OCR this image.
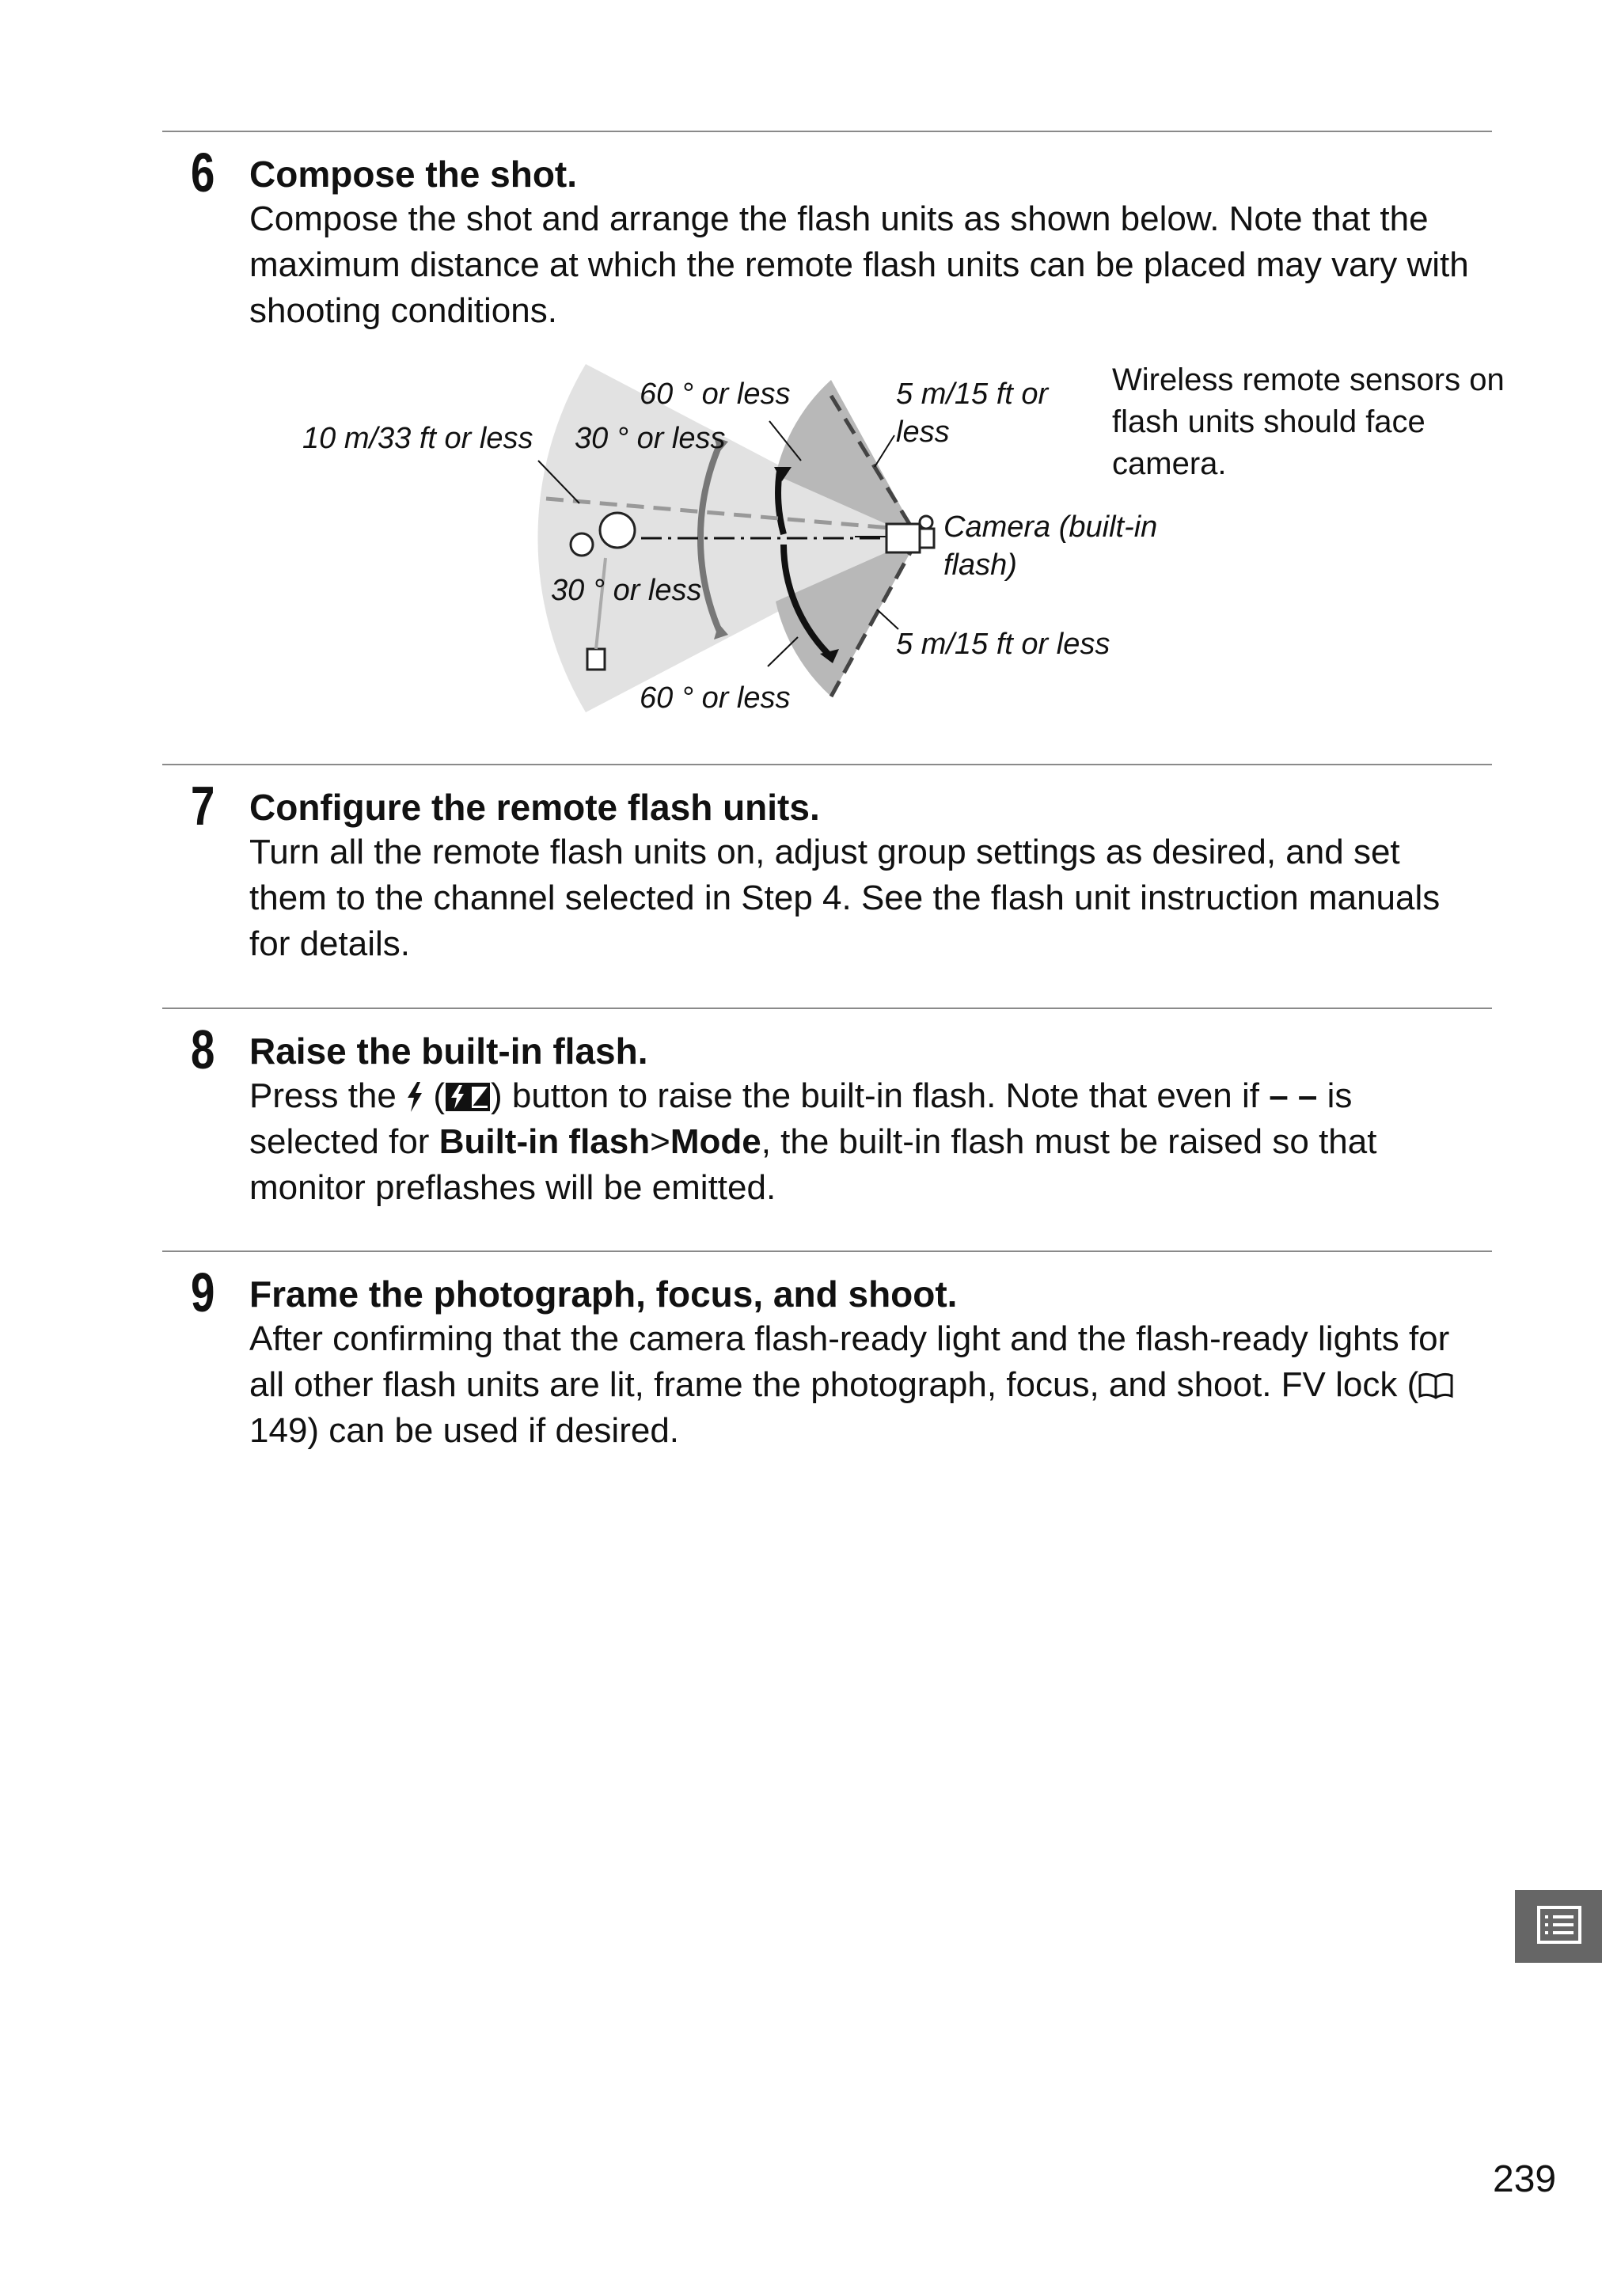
6 Compose the shot.
Compose the shot and arrange the flash units as shown below. Note that the maximum distance at which the remote flash units can be placed may vary with shooting conditions.
60 ° or less
10 m/33 ft or less 30 ° or less
5 m/15 ft or less
Camera (built-in flash)
30 ° or less
5 m/15 ft or less
60 ° or less
Wireless remote sensors on flash units should face camera.
7 Configure the remote flash units.
Turn all the remote flash units on, adjust group settings as desired, and set them to the channel selected in Step 4. See the flash unit instruction manuals for details.
8 Raise the built-in flash.
Press the  ( ) button to raise the built-in flash. Note that even if – – is selected for Built-in flash>Mode, the built-in flash must be raised so that monitor preflashes will be emitted.
9 Frame the photograph, focus, and shoot.
After confirming that the camera flash-ready light and the flash-ready lights for all other flash units are lit, frame the photograph, focus, and shoot. FV lock (149) can be used if desired.
239
